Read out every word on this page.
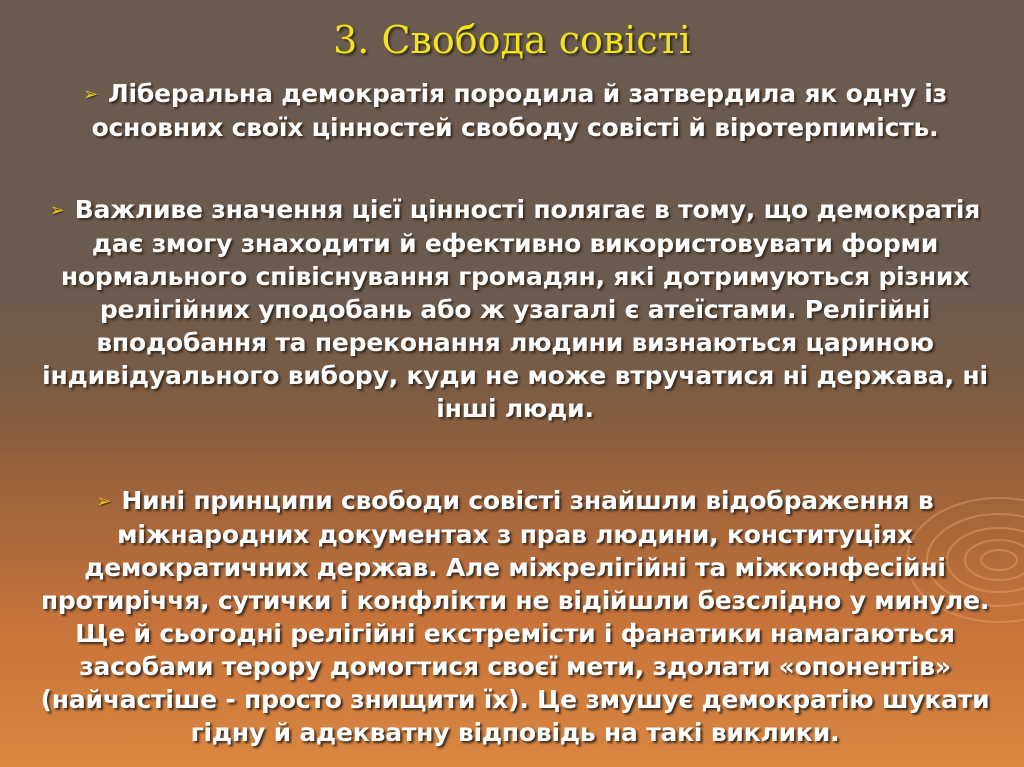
3. Свобода совісті
➢ Ліберальна демократія породила й затвердила як одну із основних своїх цінностей свободу совісті й віротерпимість.
➢ Важливе значення цієї цінності полягає в тому, що демократія дає змогу знаходити й ефективно використовувати форми нормального співіснування громадян, які дотримуються різних релігійних уподобань або ж узагалі є атеїстами. Релігійні вподобання та переконання людини визнаються цариною індивідуального вибору, куди не може втручатися ні держава, ні інші люди.
➢ Нині принципи свободи совісті знайшли відображення в міжнародних документах з прав людини, конституціях демократичних держав. Але міжрелігійні та міжконфесійні протиріччя, сутички і конфлікти не відійшли безслідно у минуле. Ще й сьогодні релігійні екстремісти і фанатики намагаються засобами терору домогтися своєї мети, здолати «опонентів» (найчастіше - просто знищити їх). Це змушує демократію шукати гідну й адекватну відповідь на такі виклики.
